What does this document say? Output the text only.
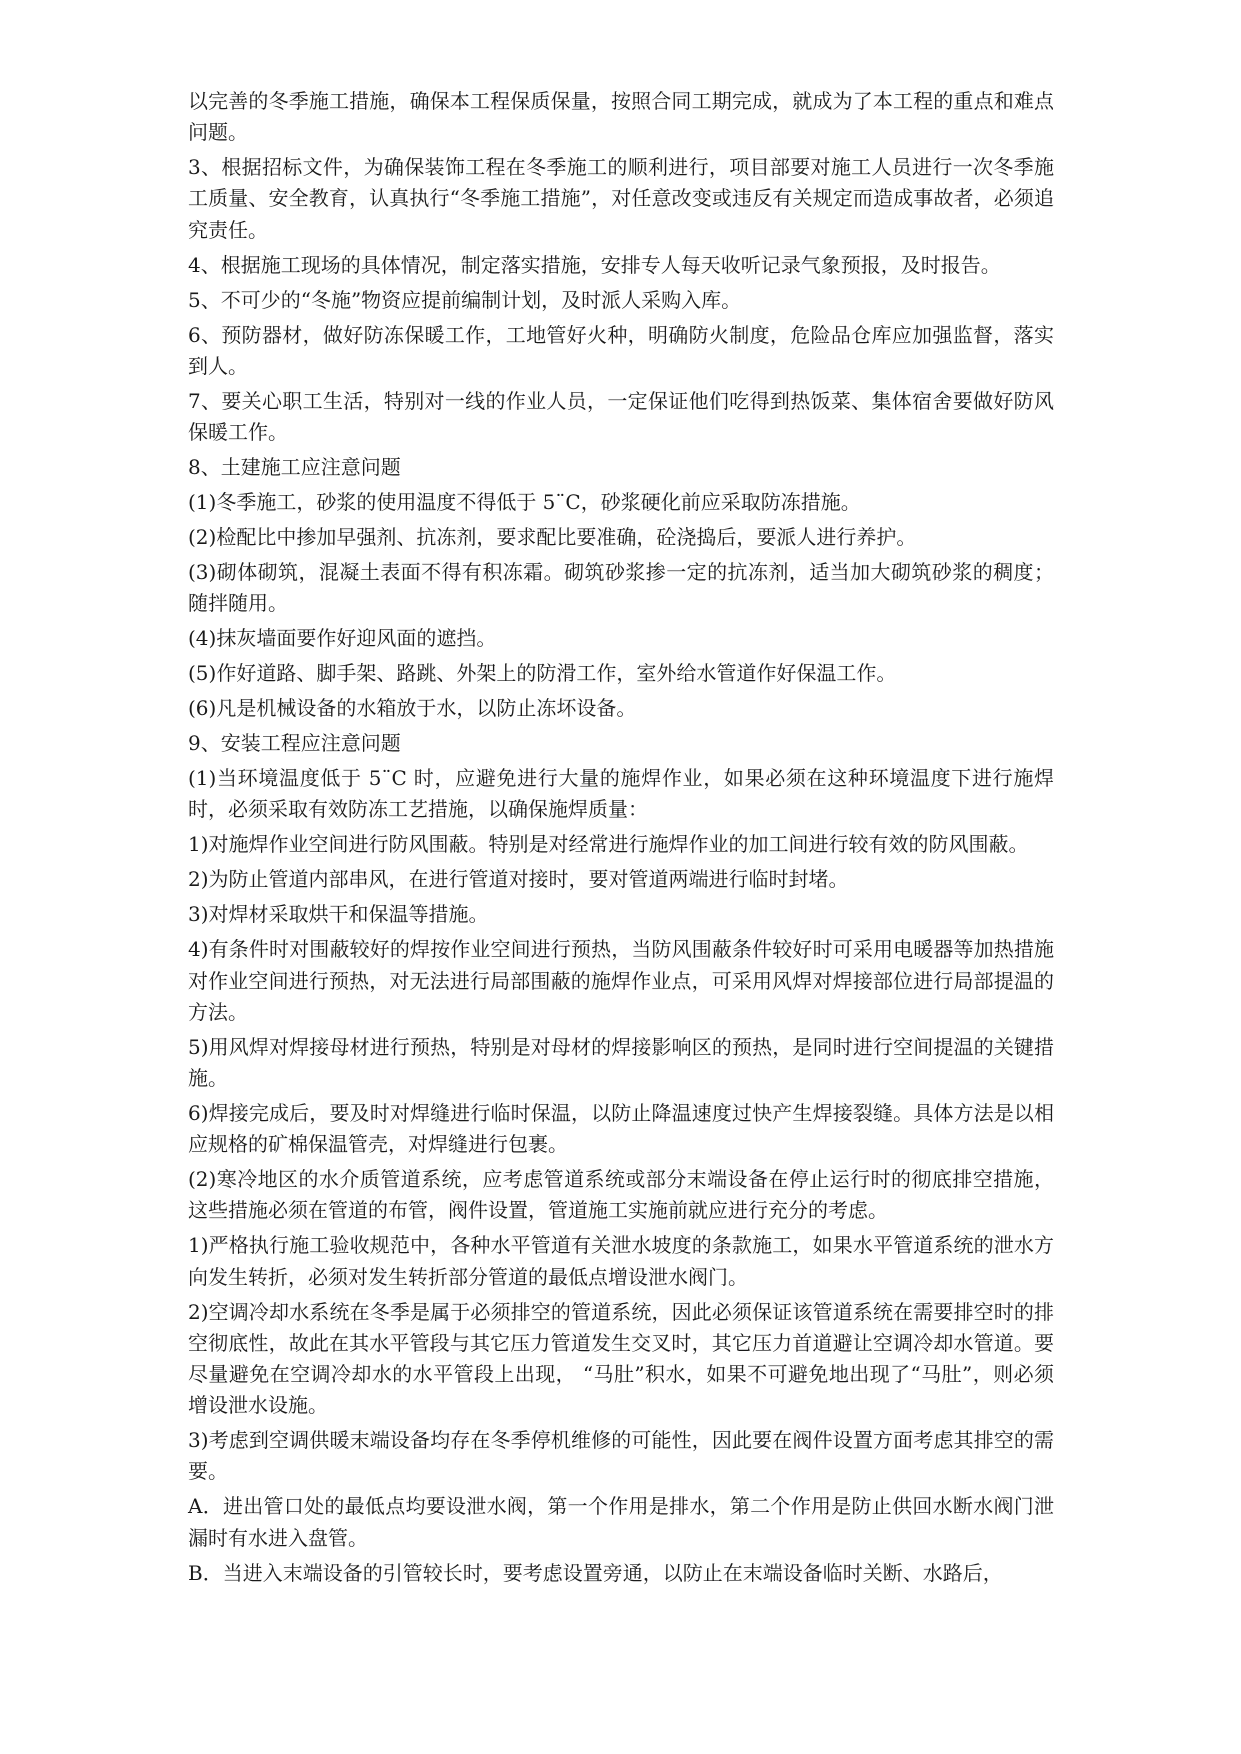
以完善的冬季施工措施，确保本工程保质保量，按照合同工期完成，就成为了本工程的重点和难点问题。

3、根据招标文件，为确保装饰工程在冬季施工的顺利进行，项目部要对施工人员进行一次冬季施工质量、安全教育，认真执行“冬季施工措施”，对任意改变或违反有关规定而造成事故者，必须追究责任。

4、根据施工现场的具体情况，制定落实措施，安排专人每天收听记录气象预报，及时报告。

5、不可少的“冬施”物资应提前编制计划，及时派人采购入库。

6、预防器材，做好防冻保暖工作，工地管好火种，明确防火制度，危险品仓库应加强监督，落实到人。

7、要关心职工生活，特别对一线的作业人员，一定保证他们吃得到热饭菜、集体宿舍要做好防风保暖工作。

8、土建施工应注意问题

(1)冬季施工，砂浆的使用温度不得低于 5¨C，砂浆硬化前应采取防冻措施。

(2)检配比中掺加早强剂、抗冻剂，要求配比要准确，砼浇捣后，要派人进行养护。

(3)砌体砌筑，混凝土表面不得有积冻霜。砌筑砂浆掺一定的抗冻剂，适当加大砌筑砂浆的稠度；随拌随用。

(4)抹灰墙面要作好迎风面的遮挡。

(5)作好道路、脚手架、路跳、外架上的防滑工作，室外给水管道作好保温工作。

(6)凡是机械设备的水箱放于水，以防止冻坏设备。

9、安装工程应注意问题

(1)当环境温度低于 5¨C 时，应避免进行大量的施焊作业，如果必须在这种环境温度下进行施焊时，必须采取有效防冻工艺措施，以确保施焊质量：

1)对施焊作业空间进行防风围蔽。特别是对经常进行施焊作业的加工间进行较有效的防风围蔽。

2)为防止管道内部串风，在进行管道对接时，要对管道两端进行临时封堵。

3)对焊材采取烘干和保温等措施。

4)有条件时对围蔽较好的焊按作业空间进行预热，当防风围蔽条件较好时可采用电暖器等加热措施对作业空间进行预热，对无法进行局部围蔽的施焊作业点，可采用风焊对焊接部位进行局部提温的方法。

5)用风焊对焊接母材进行预热，特别是对母材的焊接影响区的预热，是同时进行空间提温的关键措施。

6)焊接完成后，要及时对焊缝进行临时保温，以防止降温速度过快产生焊接裂缝。具体方法是以相应规格的矿棉保温管壳，对焊缝进行包裹。

(2)寒冷地区的水介质管道系统，应考虑管道系统或部分末端设备在停止运行时的彻底排空措施，这些措施必须在管道的布管，阀件设置，管道施工实施前就应进行充分的考虑。

1)严格执行施工验收规范中，各种水平管道有关泄水坡度的条款施工，如果水平管道系统的泄水方向发生转折，必须对发生转折部分管道的最低点增设泄水阀门。

2)空调冷却水系统在冬季是属于必须排空的管道系统，因此必须保证该管道系统在需要排空时的排空彻底性，故此在其水平管段与其它压力管道发生交叉时，其它压力首道避让空调冷却水管道。要尽量避免在空调冷却水的水平管段上出现， “马肚”积水，如果不可避免地出现了“马肚”，则必须增设泄水设施。

3)考虑到空调供暖末端设备均存在冬季停机维修的可能性，因此要在阀件设置方面考虑其排空的需要。

A．进出管口处的最低点均要设泄水阀，第一个作用是排水，第二个作用是防止供回水断水阀门泄漏时有水进入盘管。

B．当进入末端设备的引管较长时，要考虑设置旁通，以防止在末端设备临时关断、水路后，
